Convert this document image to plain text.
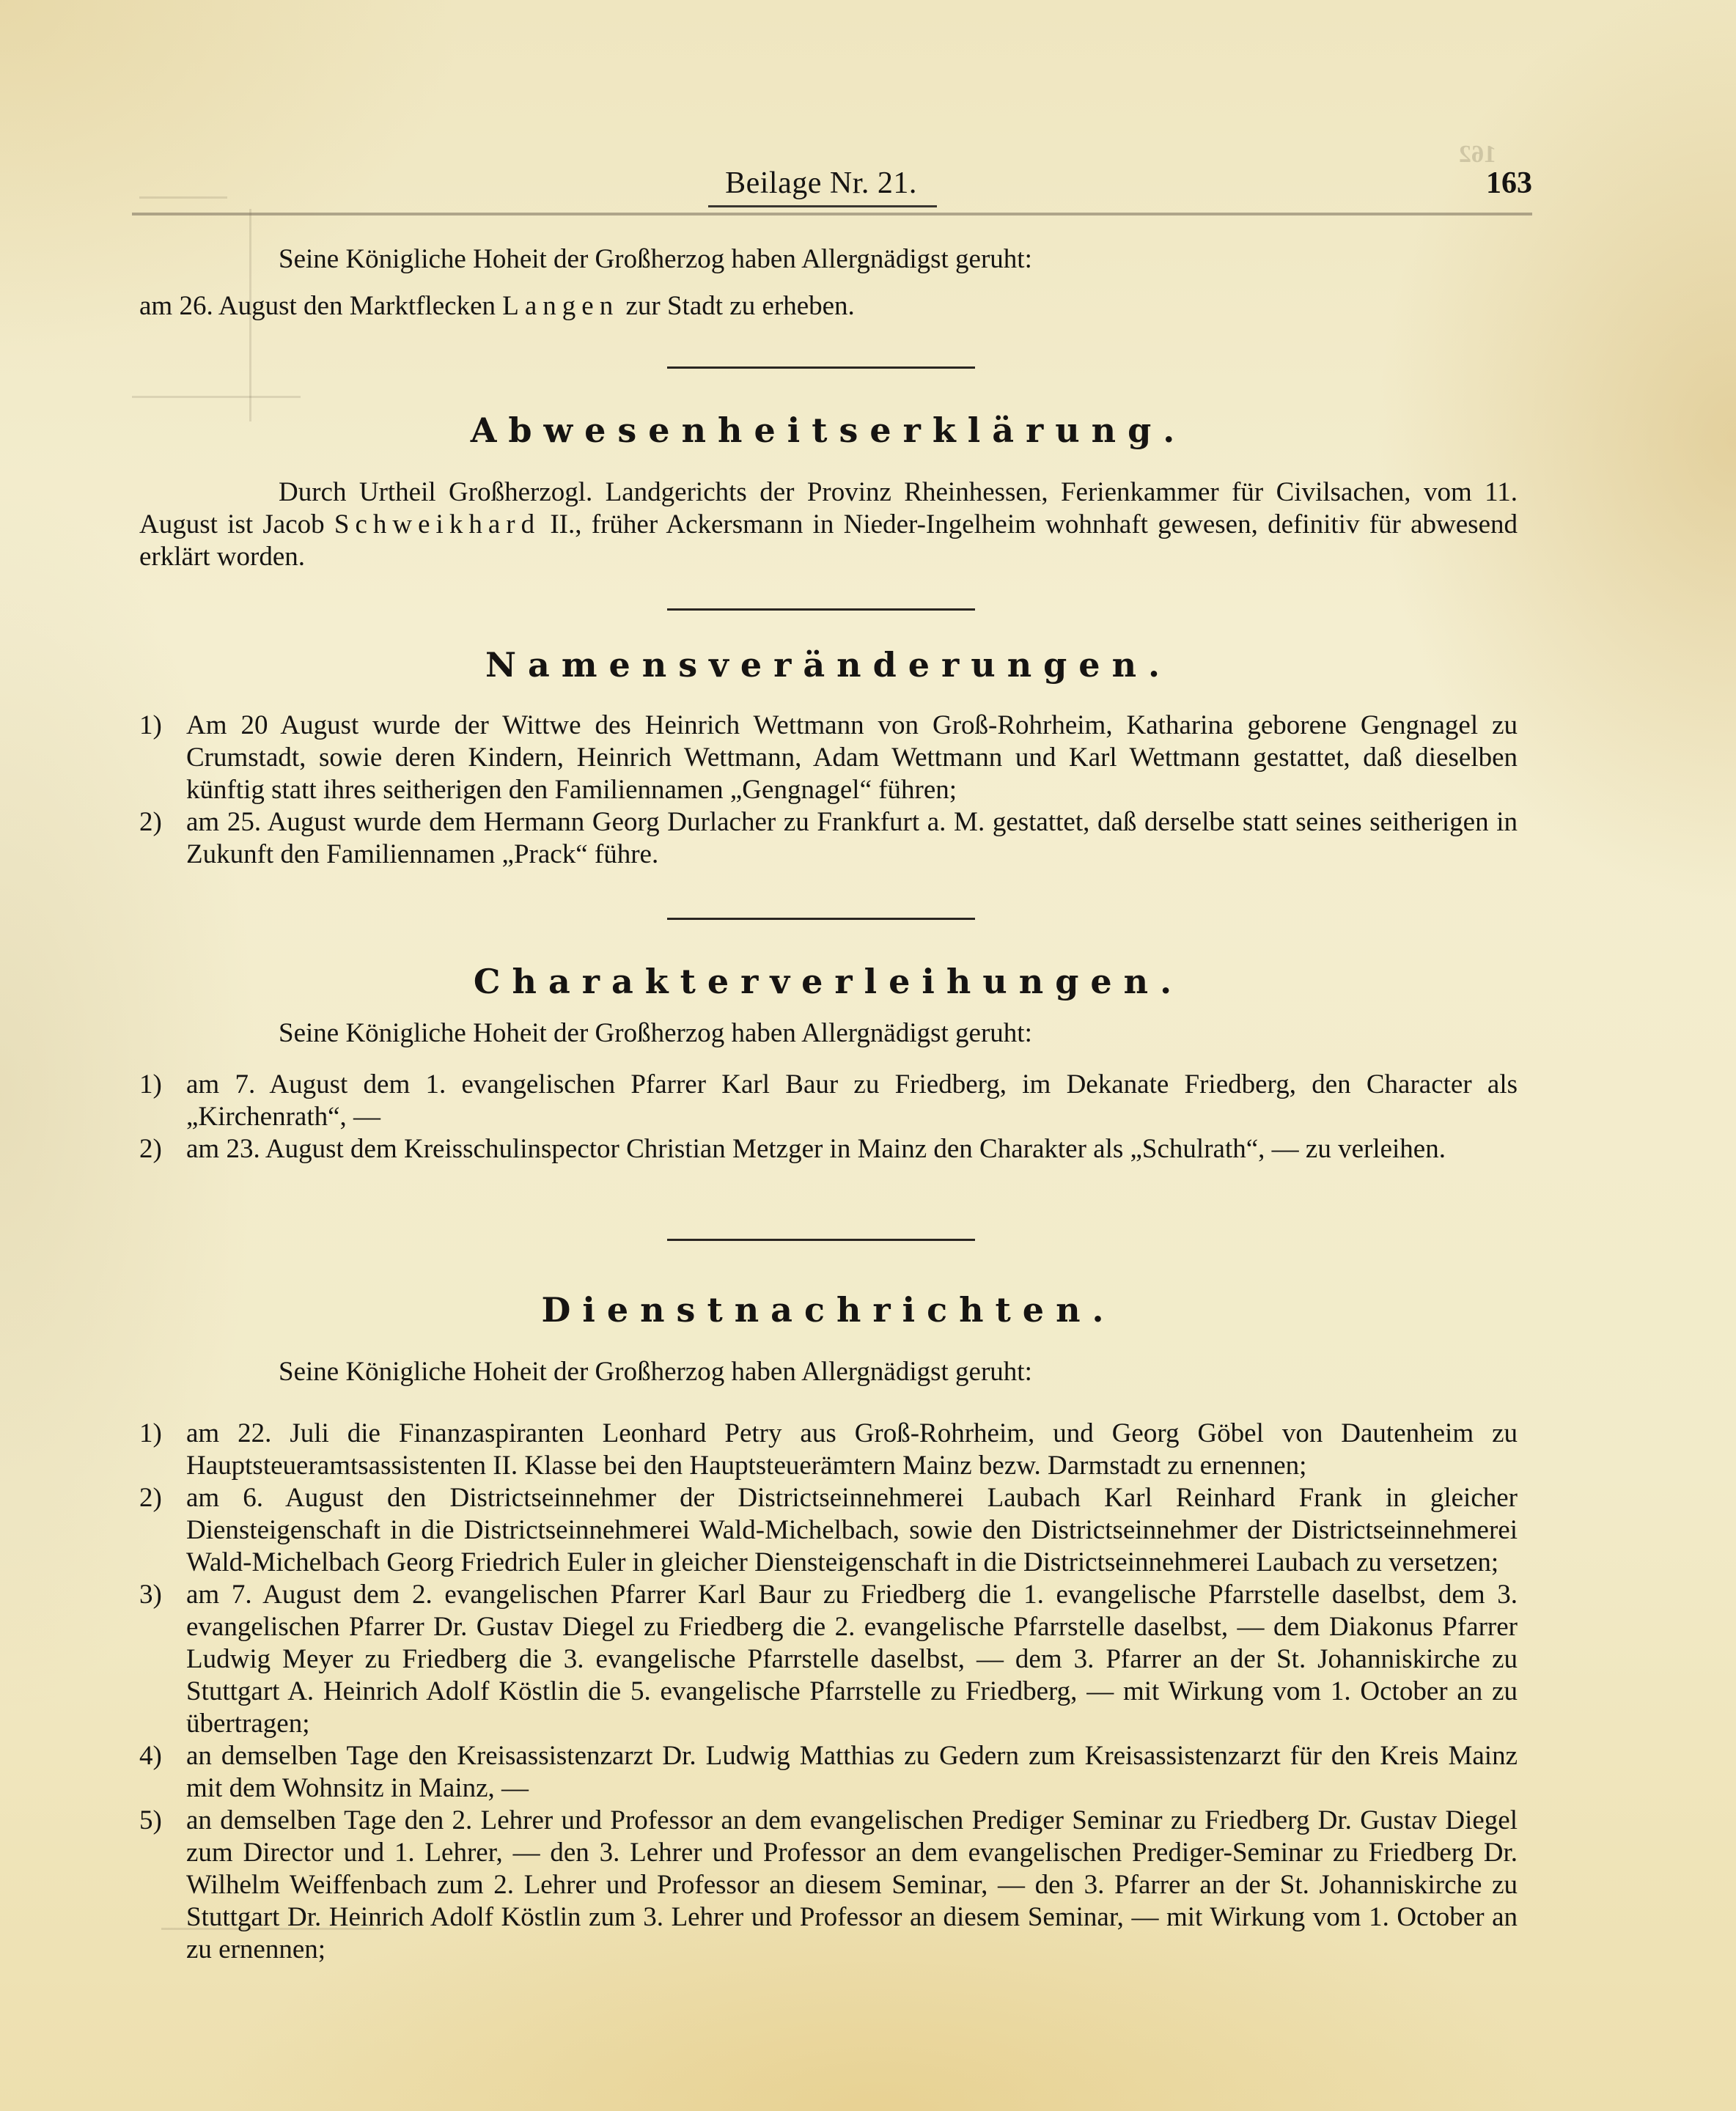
162
Beilage Nr. 21.	163

Seine Königliche Hoheit der Großherzog haben Allergnädigst geruht:

am 26. August den Marktflecken Langen zur Stadt zu erheben.

Abwesenheitserklärung.

Durch Urtheil Großherzogl. Landgerichts der Provinz Rheinhessen, Ferienkammer für Civilsachen, vom 11. August ist Jacob Schweikhard II., früher Ackersmann in Nieder-Ingelheim wohnhaft gewesen, definitiv für abwesend erklärt worden.

Namensveränderungen.
1) Am 20 August wurde der Wittwe des Heinrich Wettmann von Groß-Rohrheim, Katharina geborene Gengnagel zu Crumstadt, sowie deren Kindern, Heinrich Wettmann, Adam Wettmann und Karl Wettmann gestattet, daß dieselben künftig statt ihres seitherigen den Familiennamen „Gengnagel“ führen;
2) am 25. August wurde dem Hermann Georg Durlacher zu Frankfurt a. M. gestattet, daß derselbe statt seines seitherigen in Zukunft den Familiennamen „Prack“ führe.
Charakterverleihungen.

Seine Königliche Hoheit der Großherzog haben Allergnädigst geruht:

1) am 7. August dem 1. evangelischen Pfarrer Karl Baur zu Friedberg, im Dekanate Friedberg, den Character als „Kirchenrath“, —
2) am 23. August dem Kreisschulinspector Christian Metzger in Mainz den Charakter als „Schulrath“, — zu verleihen.
Dienstnachrichten.

Seine Königliche Hoheit der Großherzog haben Allergnädigst geruht:

1) am 22. Juli die Finanzaspiranten Leonhard Petry aus Groß-Rohrheim, und Georg Göbel von Dautenheim zu Hauptsteueramtsassistenten II. Klasse bei den Hauptsteuerämtern Mainz bezw. Darmstadt zu ernennen;
2) am 6. August den Districtseinnehmer der Districtseinnehmerei Laubach Karl Reinhard Frank in gleicher Diensteigenschaft in die Districtseinnehmerei Wald-Michelbach, sowie den Districtseinnehmer der Districtseinnehmerei Wald-Michelbach Georg Friedrich Euler in gleicher Diensteigenschaft in die Districtseinnehmerei Laubach zu versetzen;
3) am 7. August dem 2. evangelischen Pfarrer Karl Baur zu Friedberg die 1. evangelische Pfarrstelle daselbst, dem 3. evangelischen Pfarrer Dr. Gustav Diegel zu Friedberg die 2. evangelische Pfarrstelle daselbst, — dem Diakonus Pfarrer Ludwig Meyer zu Friedberg die 3. evangelische Pfarrstelle daselbst, — dem 3. Pfarrer an der St. Johanniskirche zu Stuttgart A. Heinrich Adolf Köstlin die 5. evangelische Pfarrstelle zu Friedberg, — mit Wirkung vom 1. October an zu übertragen;
4) an demselben Tage den Kreisassistenzarzt Dr. Ludwig Matthias zu Gedern zum Kreisassistenzarzt für den Kreis Mainz mit dem Wohnsitz in Mainz, —
5) an demselben Tage den 2. Lehrer und Professor an dem evangelischen Prediger Seminar zu Friedberg Dr. Gustav Diegel zum Director und 1. Lehrer, — den 3. Lehrer und Professor an dem evangelischen Prediger-Seminar zu Friedberg Dr. Wilhelm Weiffenbach zum 2. Lehrer und Professor an diesem Seminar, — den 3. Pfarrer an der St. Johanniskirche zu Stuttgart Dr. Heinrich Adolf Köstlin zum 3. Lehrer und Professor an diesem Seminar, — mit Wirkung vom 1. October an zu ernennen;
